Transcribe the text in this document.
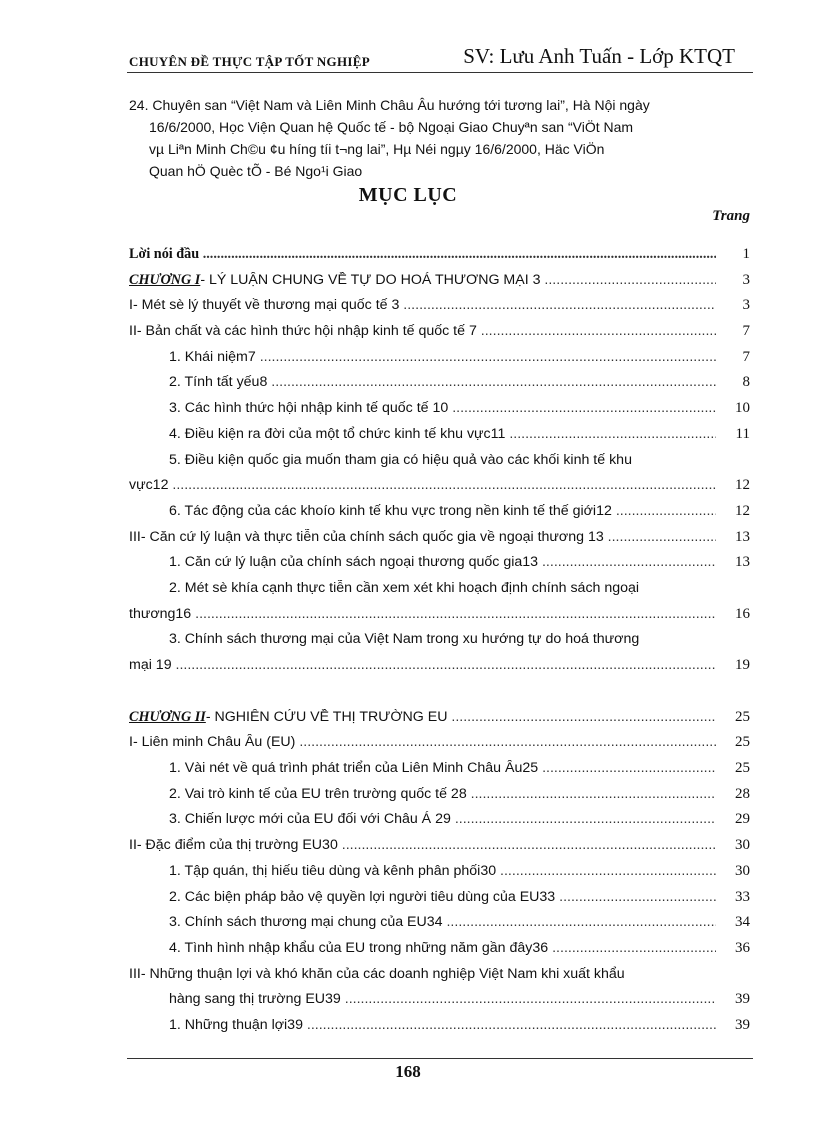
CHUYÊN ĐỀ THỰC TẬP TỐT NGHIỆP	SV: Lưu Anh Tuấn - Lớp KTQT
24. Chuyên san “Việt Nam và Liên Minh Châu Âu hướng tới tương lai”, Hà Nội ngày
16/6/2000, Học Viện Quan hệ Quốc tế - bộ Ngoại Giao Chuyªn san “ViÖt Nam
vµ Liªn Minh Ch©u ¢u híng tíi t¬ng lai”, Hµ Néi ngµy 16/6/2000, Häc ViÖn
Quan hÖ Quèc tÕ - Bé Ngo¹i Giao
MỤC LỤC
Trang
Lời nói đầu .....	1
CHƯƠNG I- LÝ LUẬN CHUNG VỀ TỰ DO HOÁ THƯƠNG MẠI 3 .....	3
I- Mét sè lý thuyết về thương mại quốc tế 3 .....	3
II- Bản chất và các hình thức hội nhập kinh tế quốc tế 7 .....	7
1. Khái niệm7 .....	7
2. Tính tất yếu8 .....	8
3. Các hình thức hội nhập kinh tế quốc tế 10 .....	10
4. Điều kiện ra đời của một tổ chức kinh tế khu vực11 .....	11
5. Điều kiện quốc gia muốn tham gia có hiệu quả vào các khối kinh tế khu
vực12 .....	12
6. Tác động của các khoío kinh tế khu vực trong nền kinh tế thế giới12 .....	12
III- Căn cứ lý luận và thực tiễn của chính sách quốc gia về ngoại thương 13 .....	13
1. Căn cứ lý luận của chính sách ngoại thương quốc gia13 .....	13
2. Mét sè khía cạnh thực tiễn cần xem xét khi hoạch định chính sách ngoại
thương16 .....	16
3. Chính sách thương mại của Việt Nam trong xu hướng tự do hoá thương
mại 19 .....	19
CHƯƠNG II- NGHIÊN CỨU VỀ THỊ TRƯỜNG EU .....	25
I- Liên minh Châu Âu (EU) .....	25
1. Vài nét về quá trình phát triển của Liên Minh Châu Âu25 .....	25
2. Vai trò kinh tế của EU trên trường quốc tế 28 .....	28
3. Chiến lược mới của EU đối với Châu Á 29 .....	29
II- Đặc điểm của thị trường EU30 .....	30
1. Tập quán, thị hiếu tiêu dùng và kênh phân phối30 .....	30
2. Các biện pháp bảo vệ quyền lợi người tiêu dùng của EU33 .....	33
3. Chính sách thương mại chung của EU34 .....	34
4. Tình hình nhập khẩu của EU trong những năm gần đây36 .....	36
III- Những thuận lợi và khó khăn của các doanh nghiệp Việt Nam khi xuất khẩu
hàng sang thị trường EU39 .....	39
1. Những thuận lợi39 .....	39
168
